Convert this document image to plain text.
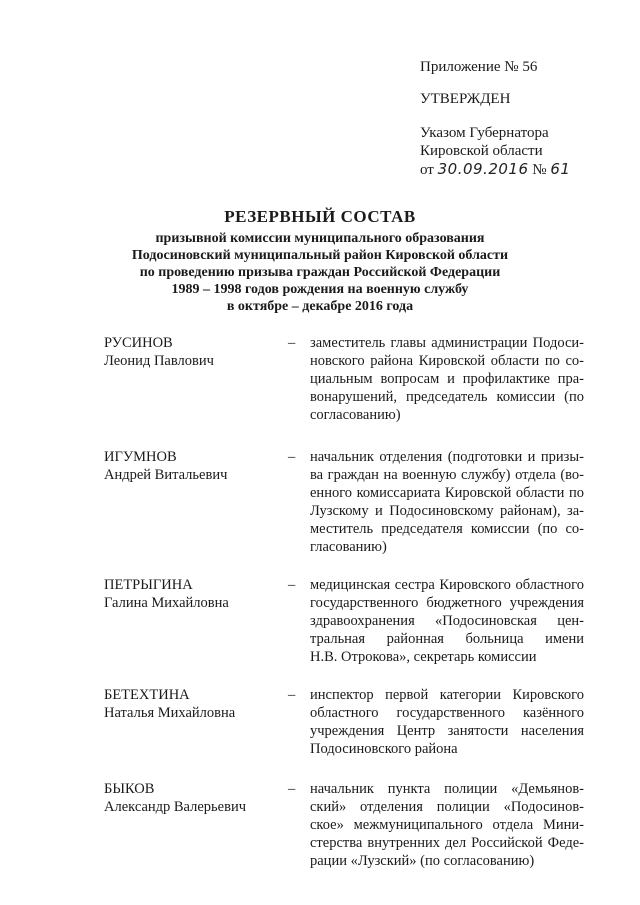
Приложение № 56
УТВЕРЖДЕН
Указом Губернатора
Кировской области
от 30.09.2016 № 61
РЕЗЕРВНЫЙ СОСТАВ
призывной комиссии муниципального образования
Подосиновский муниципальный район Кировской области
по проведению призыва граждан Российской Федерации
1989 – 1998 годов рождения на военную службу
в октябре – декабре 2016 года
РУСИНОВ
Леонид Павлович
–	заместитель главы администрации Подоси-
новского района Кировской области по со-
циальным вопросам и профилактике пра-
вонарушений, председатель комиссии (по
согласованию)
ИГУМНОВ
Андрей Витальевич
–	начальник отделения (подготовки и призы-
ва граждан на военную службу) отдела (во-
енного комиссариата Кировской области по
Лузскому и Подосиновскому районам), за-
меститель председателя комиссии (по со-
гласованию)
ПЕТРЫГИНА
Галина Михайловна
–	медицинская сестра Кировского областного
государственного бюджетного учреждения
здравоохранения «Подосиновская цен-
тральная районная больница имени
Н.В. Отрокова», секретарь комиссии
БЕТЕХТИНА
Наталья Михайловна
–	инспектор первой категории Кировского
областного государственного казённого
учреждения Центр занятости населения
Подосиновского района
БЫКОВ
Александр Валерьевич
–	начальник пункта полиции «Демьянов-
ский» отделения полиции «Подосинов-
ское» межмуниципального отдела Мини-
стерства внутренних дел Российской Феде-
рации «Лузский» (по согласованию)
